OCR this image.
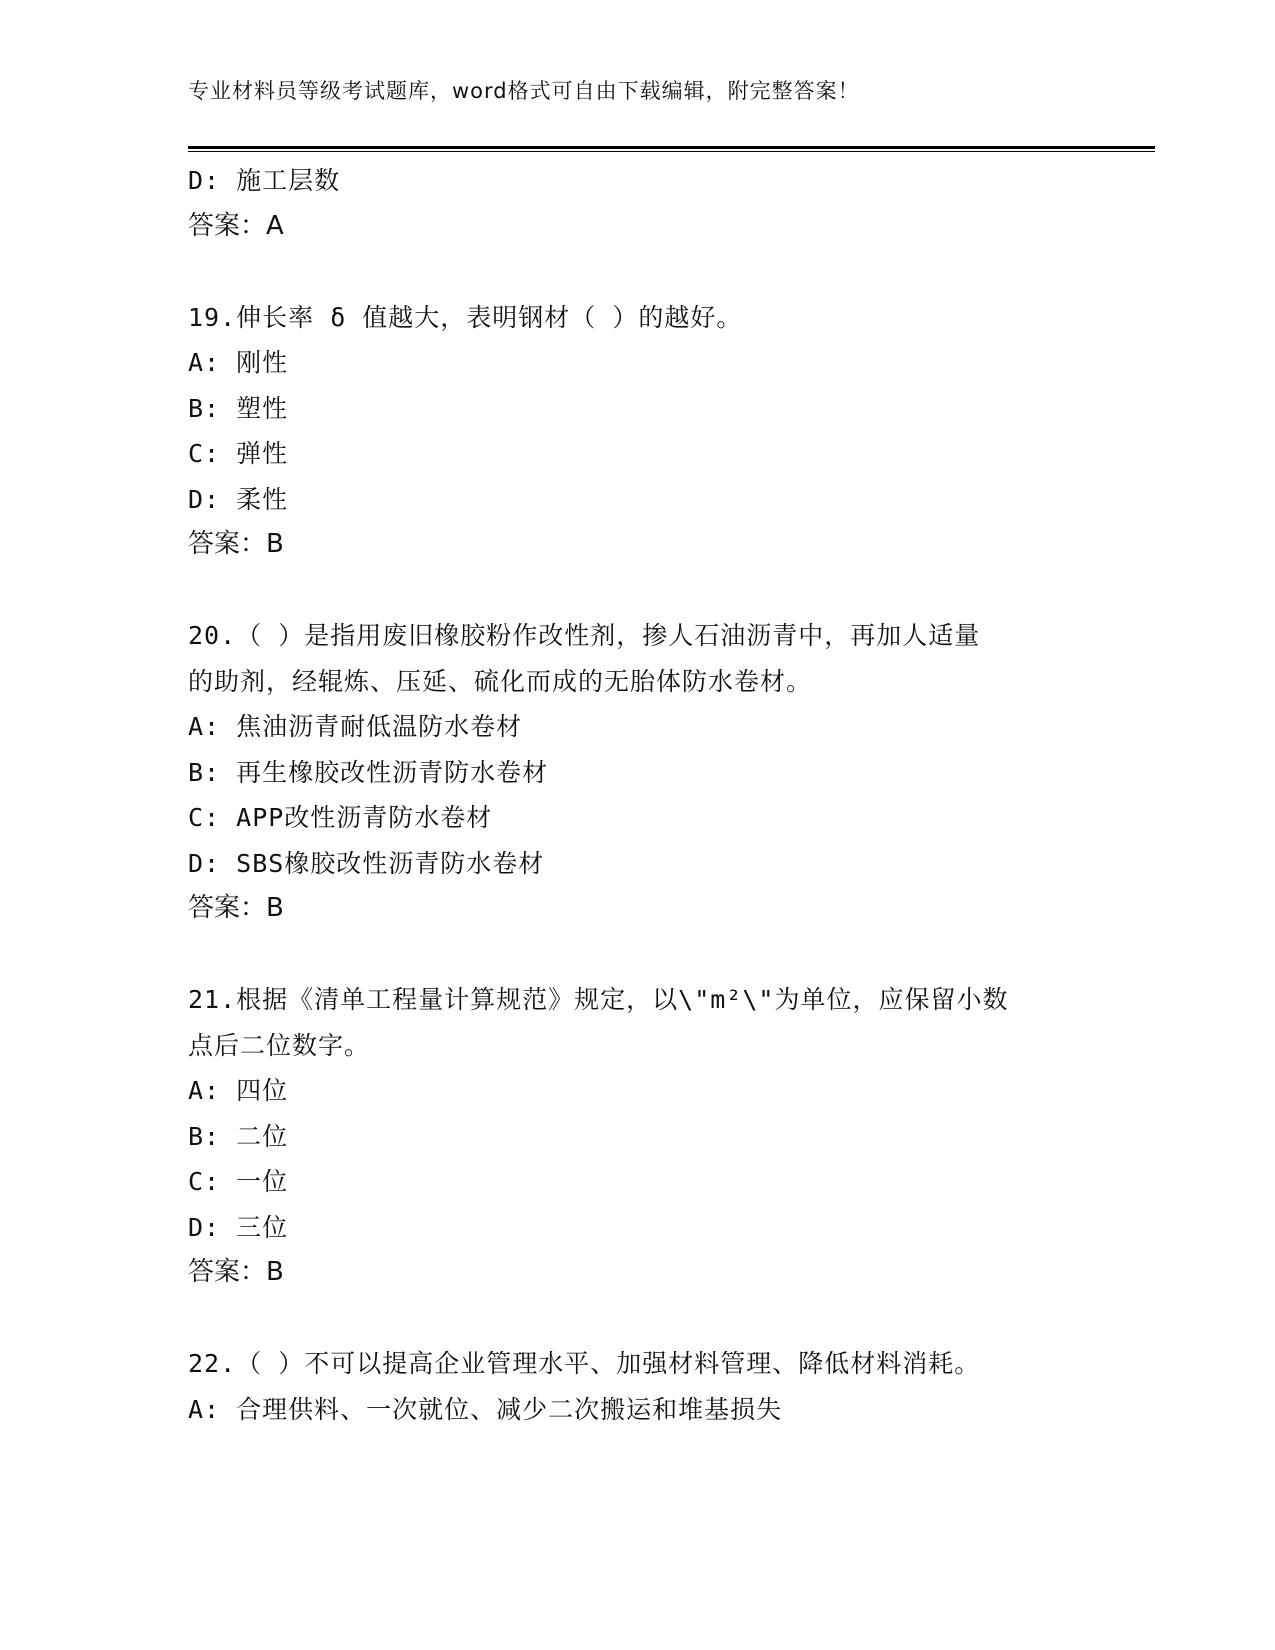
专业材料员等级考试题库，word格式可自由下载编辑，附完整答案！
D: 施工层数
答案：A
19.伸长率 δ 值越大，表明钢材（ ）的越好。
A: 刚性
B: 塑性
C: 弹性
D: 柔性
答案：B
20.（ ）是指用废旧橡胶粉作改性剂，掺人石油沥青中，再加人适量
的助剂，经辊炼、压延、硫化而成的无胎体防水卷材。
A: 焦油沥青耐低温防水卷材
B: 再生橡胶改性沥青防水卷材
C: APP改性沥青防水卷材
D: SBS橡胶改性沥青防水卷材
答案：B
21.根据《清单工程量计算规范》规定，以\"m²\"为单位，应保留小数
点后二位数字。
A: 四位
B: 二位
C: 一位
D: 三位
答案：B
22.（ ）不可以提高企业管理水平、加强材料管理、降低材料消耗。
A: 合理供料、一次就位、减少二次搬运和堆基损失
